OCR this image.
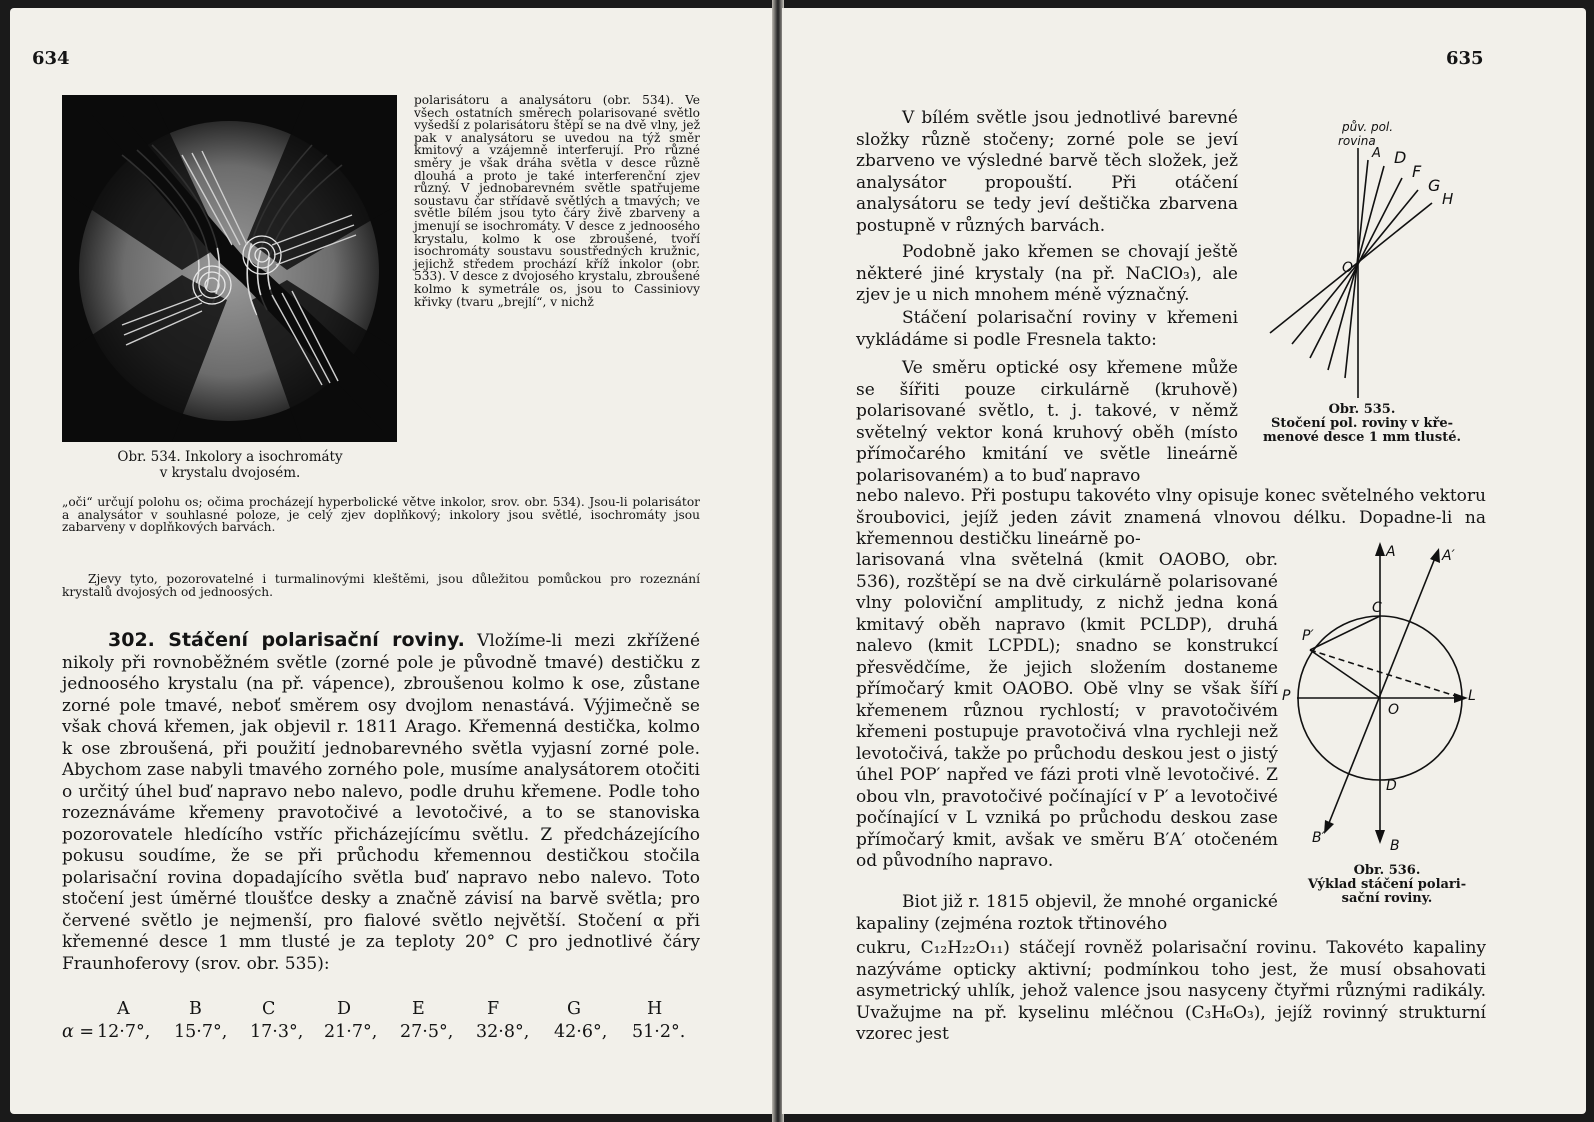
634
Obr. 534. Inkolory a isochromáty
v krystalu dvojosém.

polarisátoru a analysátoru (obr. 534). Ve všech ostatních směrech polarisované světlo vyšedší z polarisátoru štěpí se na dvě vlny, jež pak v analysátoru se uvedou na týž směr kmitový a vzájemně interferují. Pro různé směry je však dráha světla v desce různě dlouhá a proto je také interferenční zjev různý. V jednobarevném světle spatřujeme soustavu čar střídavě světlých a tmavých; ve světle bílém jsou tyto čáry živě zbarveny a jmenují se isochromáty. V desce z jednoosého krystalu, kolmo k ose zbroušené, tvoří isochromáty soustavu soustředných kružnic, jejichž středem prochází kříž inkolor (obr. 533). V desce z dvojosého krystalu, zbroušené kolmo k symetrále os, jsou to Cassiniovy křivky (tvaru „brejlí“, v nichž

„oči“ určují polohu os; očima procházejí hyperbolické větve inkolor, srov. obr. 534). Jsou-li polarisátor a analysátor v souhlasné poloze, je celý zjev doplňkový; inkolory jsou světlé, isochromáty jsou zabarveny v doplňkových barvách.

Zjevy tyto, pozorovatelné i turmalinovými kleštěmi, jsou důležitou pomůckou pro rozeznání krystalů dvojosých od jednoosých.

302. Stáčení polarisační roviny. Vložíme-li mezi zkřížené nikoly při rovnoběžném světle (zorné pole je původně tmavé) destičku z jednoosého krystalu (na př. vápence), zbroušenou kolmo k ose, zůstane zorné pole tmavé, neboť směrem osy dvojlom nenastává. Výjimečně se však chová křemen, jak objevil r. 1811 Arago. Křemenná destička, kolmo k ose zbroušená, při použití jednobarevného světla vyjasní zorné pole. Abychom zase nabyli tmavého zorného pole, musíme analysátorem otočiti o určitý úhel buď napravo nebo nalevo, podle druhu křemene. Podle toho rozeznáváme křemeny pravotočivé a levotočivé, a to se stanoviska pozorovatele hledícího vstříc přicházejícímu světlu. Z předcházejícího pokusu soudíme, že se při průchodu křemennou destičkou stočila polarisační rovina dopadajícího světla buď napravo nebo nalevo. Toto stočení jest úměrné tloušťce desky a značně závisí na barvě světla; pro červené světlo je nejmenší, pro fialové světlo největší. Stočení α při křemenné desce 1 mm tlusté je za teploty 20° C pro jednotlivé čáry Fraunhoferovy (srov. obr. 535):
A	B	C	D	E	F	G	H
α = 12·7°, 15·7°, 17·3°, 21·7°, 27·5°, 32·8°, 42·6°, 51·2°.
635
pův. pol.
rovina
A D
F
G
H
O
Obr. 535.
Stočení pol. roviny v kře-
menové desce 1 mm tlusté.

V bílém světle jsou jednotlivé barevné složky různě stočeny; zorné pole se jeví zbarveno ve výsledné barvě těch složek, jež analysátor propouští. Při otáčení analysátoru se tedy jeví deštička zbarvena postupně v různých barvách.

Podobně jako křemen se chovají ještě některé jiné krystaly (na př. NaClO₃), ale zjev je u nich mnohem méně význačný.

Stáčení polarisační roviny v křemeni vykládáme si podle Fresnela takto:

Ve směru optické osy křemene může se šířiti pouze cirkulárně (kruhově) polarisované světlo, t. j. takové, v němž světelný vektor koná kruhový oběh (místo přímočarého kmitání ve světle lineárně polarisovaném) a to buď napravo

nebo nalevo. Při postupu takovéto vlny opisuje konec světelného vektoru šroubovici, jejíž jeden závit znamená vlnovou délku. Dopadne-li na křemennou destičku lineárně po-

A	A′
C
P′
P
O
L
D
B′	B
Obr. 536.
Výklad stáčení polari-
sační roviny.

larisovaná vlna světelná (kmit OAOBO, obr. 536), rozštěpí se na dvě cirkulárně polarisované vlny poloviční amplitudy, z nichž jedna koná kmitavý oběh napravo (kmit PCLDP), druhá nalevo (kmit LCPDL); snadno se konstrukcí přesvědčíme, že jejich složením dostaneme přímočarý kmit OAOBO. Obě vlny se však šíří křemenem různou rychlostí; v pravotočivém křemeni postupuje pravotočivá vlna rychleji než levotočivá, takže po průchodu deskou jest o jistý úhel POP′ napřed ve fázi proti vlně levotočivé. Z obou vln, pravotočivé počínající v P′ a levotočivé počínající v L vzniká po průchodu deskou zase přímočarý kmit, avšak ve směru B′A′ otočeném od původního napravo.

Biot již r. 1815 objevil, že mnohé organické kapaliny (zejména roztok třtinového

cukru, C₁₂H₂₂O₁₁) stáčejí rovněž polarisační rovinu. Takovéto kapaliny nazýváme opticky aktivní; podmínkou toho jest, že musí obsahovati asymetrický uhlík, jehož valence jsou nasyceny čtyřmi různými radikály. Uvažujme na př. kyselinu mléčnou (C₃H₆O₃), jejíž rovinný strukturní vzorec jest
